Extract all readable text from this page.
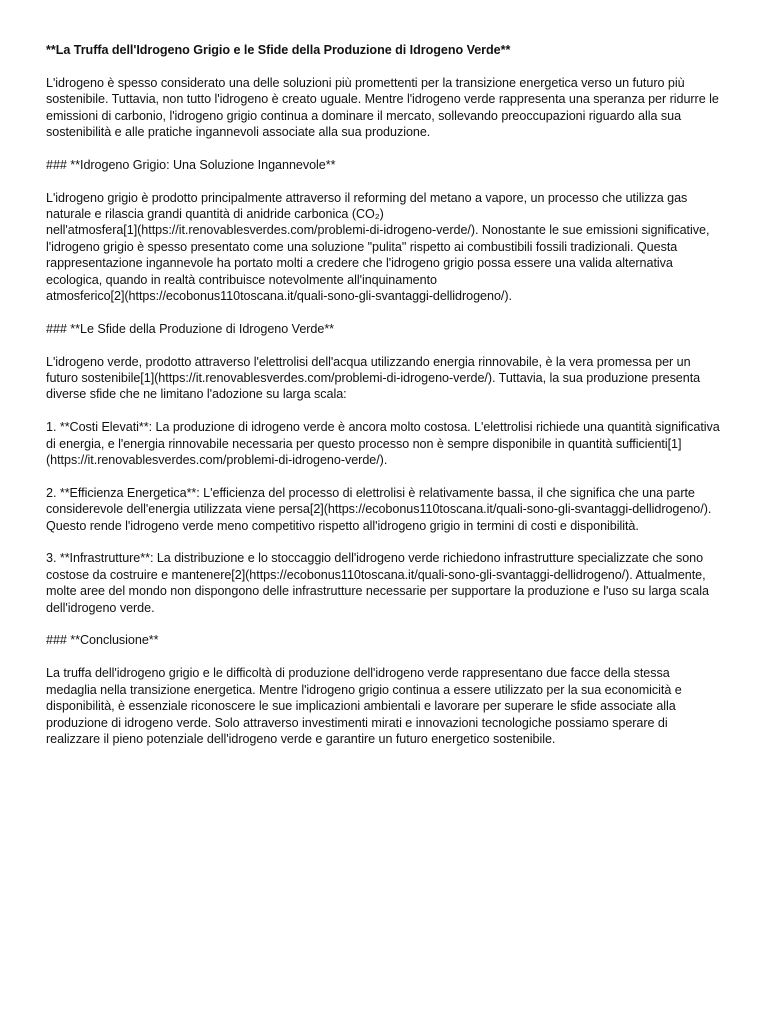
**La Truffa dell'Idrogeno Grigio e le Sfide della Produzione di Idrogeno Verde**

L'idrogeno è spesso considerato una delle soluzioni più promettenti per la transizione energetica verso un futuro più sostenibile. Tuttavia, non tutto l'idrogeno è creato uguale. Mentre l'idrogeno verde rappresenta una speranza per ridurre le emissioni di carbonio, l'idrogeno grigio continua a dominare il mercato, sollevando preoccupazioni riguardo alla sua sostenibilità e alle pratiche ingannevoli associate alla sua produzione.

### **Idrogeno Grigio: Una Soluzione Ingannevole**

L'idrogeno grigio è prodotto principalmente attraverso il reforming del metano a vapore, un processo che utilizza gas naturale e rilascia grandi quantità di anidride carbonica (CO₂)
nell'atmosfera[1](https://it.renovablesverdes.com/problemi-di-idrogeno-verde/). Nonostante le sue emissioni significative, l'idrogeno grigio è spesso presentato come una soluzione "pulita" rispetto ai combustibili fossili tradizionali. Questa rappresentazione ingannevole ha portato molti a credere che l'idrogeno grigio possa essere una valida alternativa ecologica, quando in realtà contribuisce notevolmente all'inquinamento
atmosferico[2](https://ecobonus110toscana.it/quali-sono-gli-svantaggi-dellidrogeno/).

### **Le Sfide della Produzione di Idrogeno Verde**

L'idrogeno verde, prodotto attraverso l'elettrolisi dell'acqua utilizzando energia rinnovabile, è la vera promessa per un futuro sostenibile[1](https://it.renovablesverdes.com/problemi-di-idrogeno-verde/). Tuttavia, la sua produzione presenta diverse sfide che ne limitano l'adozione su larga scala:

1. **Costi Elevati**: La produzione di idrogeno verde è ancora molto costosa. L'elettrolisi richiede una quantità significativa di energia, e l'energia rinnovabile necessaria per questo processo non è sempre disponibile in quantità sufficienti[1](https://it.renovablesverdes.com/problemi-di-idrogeno-verde/).

2. **Efficienza Energetica**: L'efficienza del processo di elettrolisi è relativamente bassa, il che significa che una parte considerevole dell'energia utilizzata viene persa[2](https://ecobonus110toscana.it/quali-sono-gli-svantaggi-dellidrogeno/). Questo rende l'idrogeno verde meno competitivo rispetto all'idrogeno grigio in termini di costi e disponibilità.

3. **Infrastrutture**: La distribuzione e lo stoccaggio dell'idrogeno verde richiedono infrastrutture specializzate che sono costose da costruire e mantenere[2](https://ecobonus110toscana.it/quali-sono-gli-svantaggi-dellidrogeno/). Attualmente, molte aree del mondo non dispongono delle infrastrutture necessarie per supportare la produzione e l'uso su larga scala dell'idrogeno verde.

### **Conclusione**

La truffa dell'idrogeno grigio e le difficoltà di produzione dell'idrogeno verde rappresentano due facce della stessa medaglia nella transizione energetica. Mentre l'idrogeno grigio continua a essere utilizzato per la sua economicità e disponibilità, è essenziale riconoscere le sue implicazioni ambientali e lavorare per superare le sfide associate alla produzione di idrogeno verde. Solo attraverso investimenti mirati e innovazioni tecnologiche possiamo sperare di realizzare il pieno potenziale dell'idrogeno verde e garantire un futuro energetico sostenibile.
